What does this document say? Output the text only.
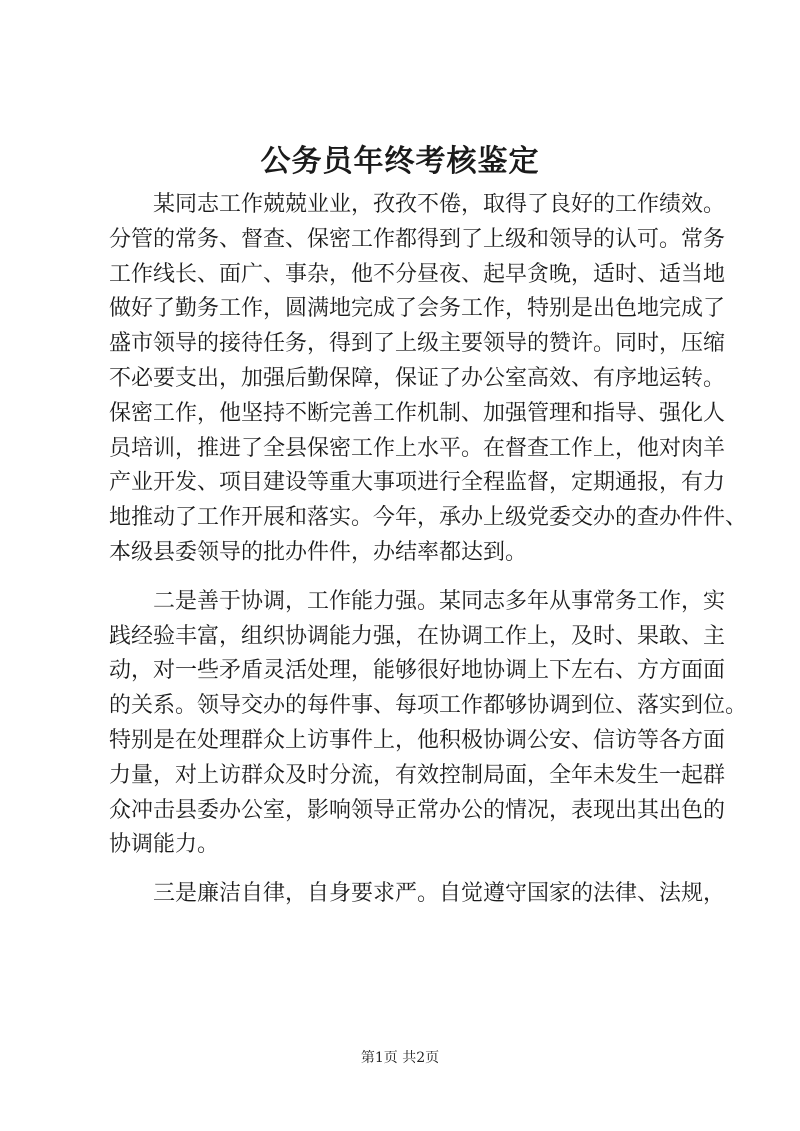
公务员年终考核鉴定
某同志工作兢兢业业，孜孜不倦，取得了良好的工作绩效。
分管的常务、督查、保密工作都得到了上级和领导的认可。常务
工作线长、面广、事杂，他不分昼夜、起早贪晚，适时、适当地
做好了勤务工作，圆满地完成了会务工作，特别是出色地完成了
盛市领导的接待任务，得到了上级主要领导的赞许。同时，压缩
不必要支出，加强后勤保障，保证了办公室高效、有序地运转。
保密工作，他坚持不断完善工作机制、加强管理和指导、强化人
员培训，推进了全县保密工作上水平。在督查工作上，他对肉羊
产业开发、项目建设等重大事项进行全程监督，定期通报，有力
地推动了工作开展和落实。今年，承办上级党委交办的查办件件、
本级县委领导的批办件件，办结率都达到。
二是善于协调，工作能力强。某同志多年从事常务工作，实
践经验丰富，组织协调能力强，在协调工作上，及时、果敢、主
动，对一些矛盾灵活处理，能够很好地协调上下左右、方方面面
的关系。领导交办的每件事、每项工作都够协调到位、落实到位。
特别是在处理群众上访事件上，他积极协调公安、信访等各方面
力量，对上访群众及时分流，有效控制局面，全年未发生一起群
众冲击县委办公室，影响领导正常办公的情况，表现出其出色的
协调能力。
三是廉洁自律，自身要求严。自觉遵守国家的法律、法规，
第1页 共2页
